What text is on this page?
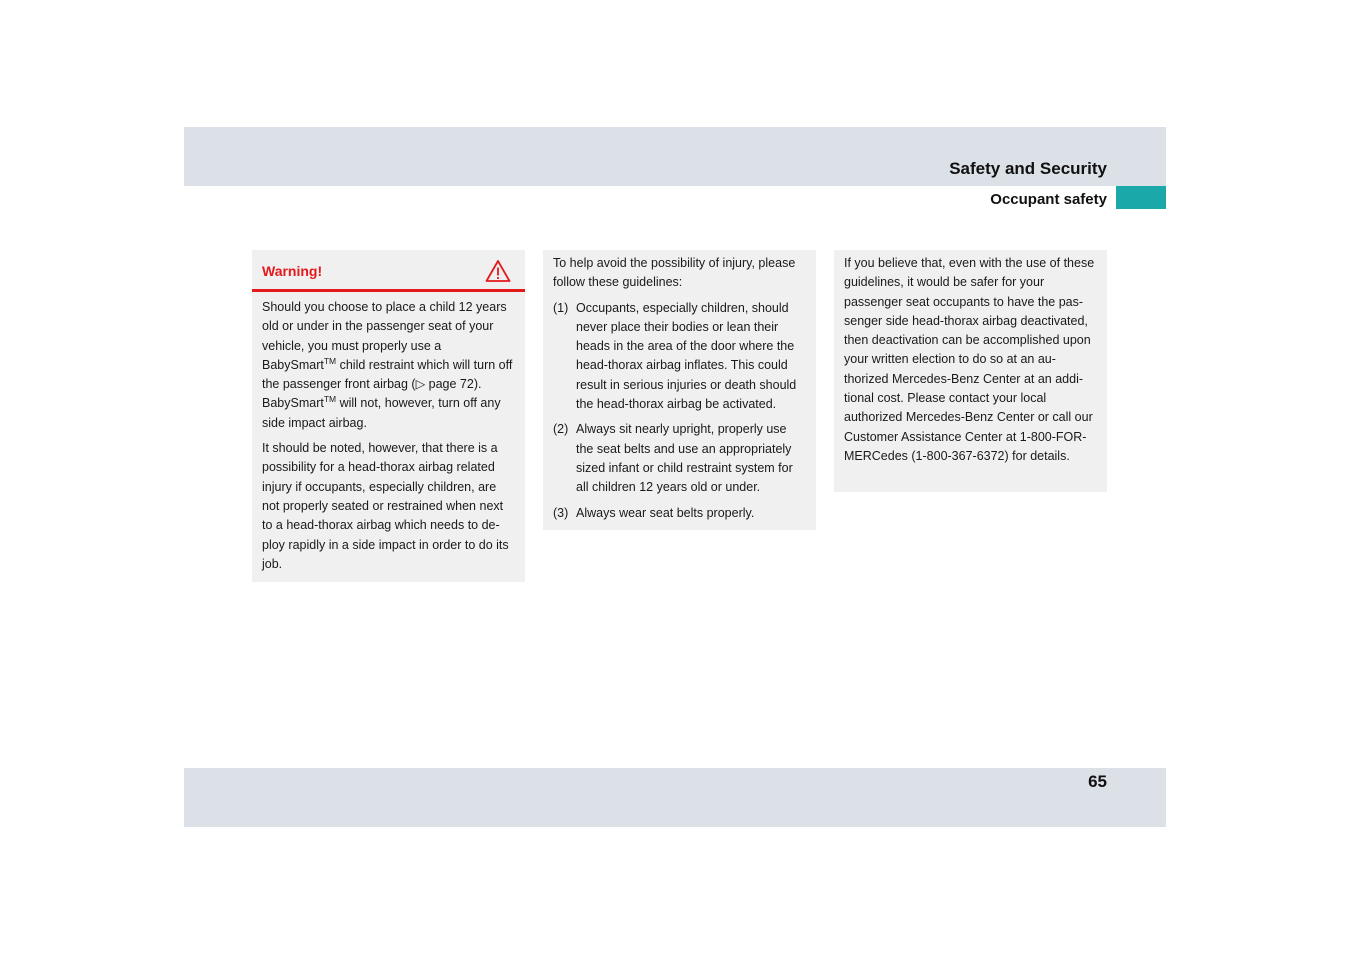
Safety and Security
Occupant safety
Warning!

Should you choose to place a child 12 years old or under in the passenger seat of your vehicle, you must properly use a BabySmart™ child restraint which will turn off the passenger front airbag (▷ page 72). BabySmart™ will not, however, turn off any side impact airbag.

It should be noted, however, that there is a possibility for a head-thorax airbag related injury if occupants, especially children, are not properly seated or restrained when next to a head-thorax airbag which needs to de-ploy rapidly in a side impact in order to do its job.

To help avoid the possibility of injury, please follow these guidelines:

(1) Occupants, especially children, should never place their bodies or lean their heads in the area of the door where the head-thorax airbag inflates. This could result in serious injuries or death should the head-thorax airbag be activated.
(2) Always sit nearly upright, properly use the seat belts and use an appropriately sized infant or child restraint system for all children 12 years old or under.
(3) Always wear seat belts properly.

If you believe that, even with the use of these guidelines, it would be safer for your passenger seat occupants to have the pas-senger side head-thorax airbag deactivated, then deactivation can be accomplished upon your written election to do so at an au-thorized Mercedes-Benz Center at an addi-tional cost. Please contact your local authorized Mercedes-Benz Center or call our Customer Assistance Center at 1-800-FOR-MERCedes (1-800-367-6372) for details.

65
